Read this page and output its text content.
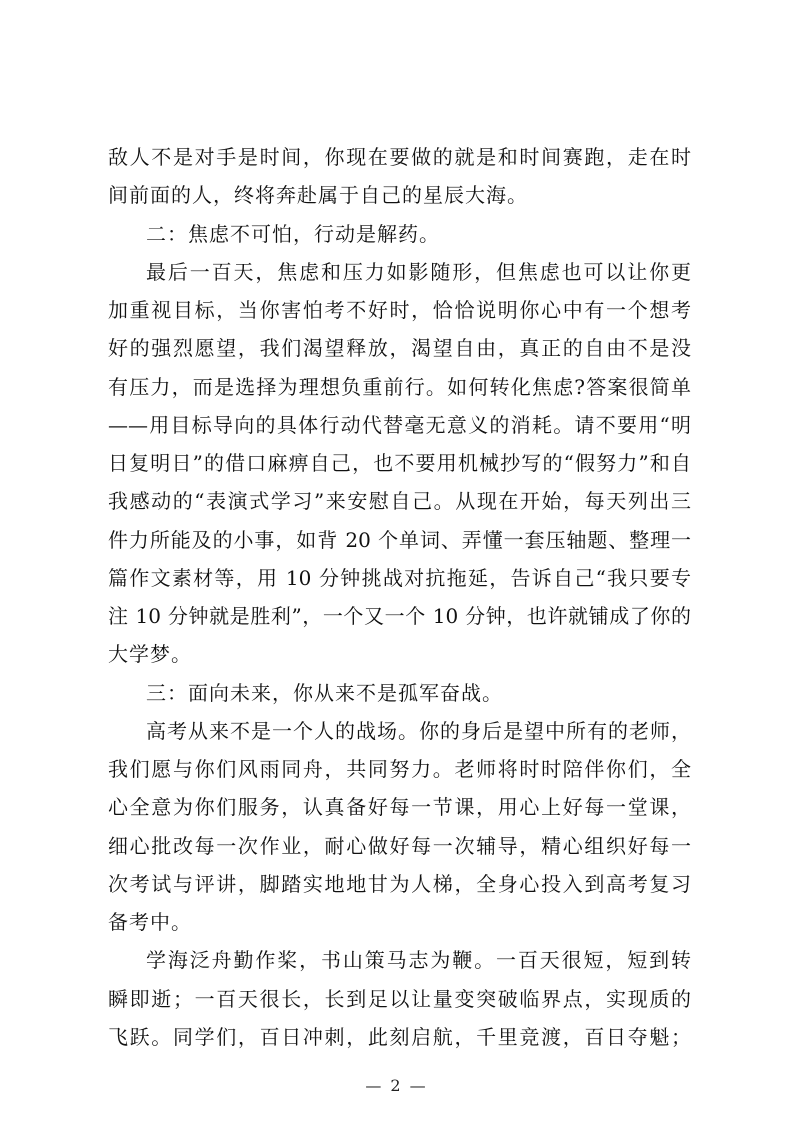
敌人不是对手是时间，你现在要做的就是和时间赛跑，走在时
间前面的人，终将奔赴属于自己的星辰大海。
二：焦虑不可怕，行动是解药。
最后一百天，焦虑和压力如影随形，但焦虑也可以让你更
加重视目标，当你害怕考不好时，恰恰说明你心中有一个想考
好的强烈愿望，我们渴望释放，渴望自由，真正的自由不是没
有压力，而是选择为理想负重前行。如何转化焦虑?答案很简单
——用目标导向的具体行动代替毫无意义的消耗。请不要用“明
日复明日”的借口麻痹自己，也不要用机械抄写的“假努力”和自
我感动的“表演式学习”来安慰自己。从现在开始，每天列出三
件力所能及的小事，如背 20 个单词、弄懂一套压轴题、整理一
篇作文素材等，用 10 分钟挑战对抗拖延，告诉自己“我只要专
注 10 分钟就是胜利”，一个又一个 10 分钟，也许就铺成了你的
大学梦。
三：面向未来，你从来不是孤军奋战。
高考从来不是一个人的战场。你的身后是望中所有的老师，
我们愿与你们风雨同舟，共同努力。老师将时时陪伴你们，全
心全意为你们服务，认真备好每一节课，用心上好每一堂课，
细心批改每一次作业，耐心做好每一次辅导，精心组织好每一
次考试与评讲，脚踏实地地甘为人梯，全身心投入到高考复习
备考中。
学海泛舟勤作桨，书山策马志为鞭。一百天很短，短到转
瞬即逝；一百天很长，长到足以让量变突破临界点，实现质的
飞跃。同学们，百日冲刺，此刻启航，千里竞渡，百日夺魁；
— 2 —
